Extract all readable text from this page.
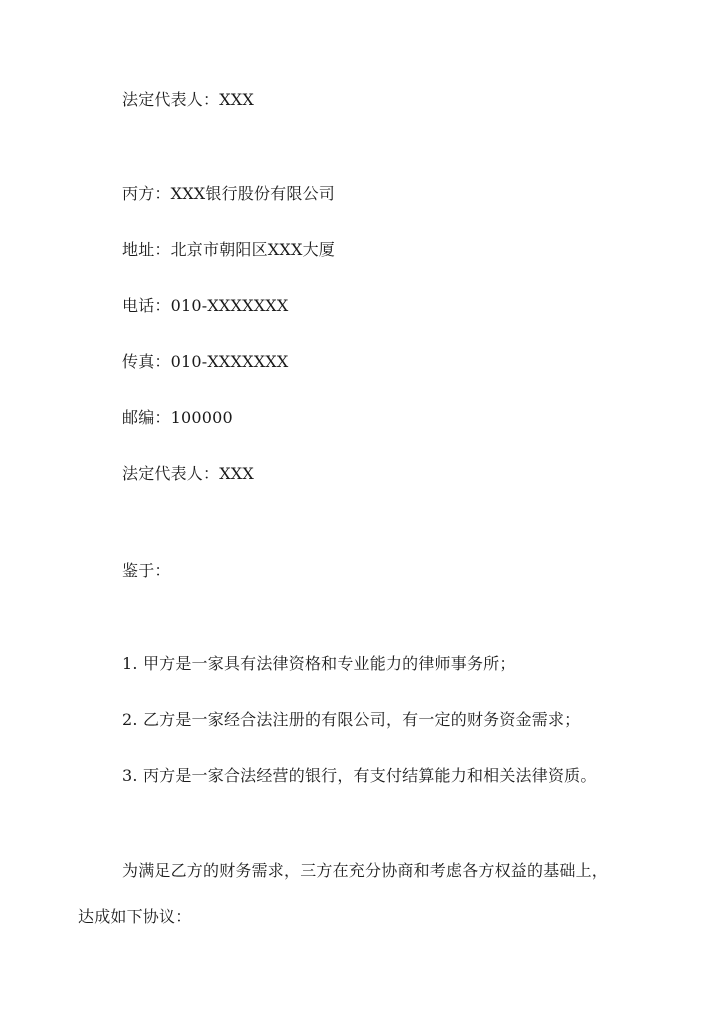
法定代表人：XXX
丙方：XXX银行股份有限公司
地址：北京市朝阳区XXX大厦
电话：010-XXXXXXX
传真：010-XXXXXXX
邮编：100000
法定代表人：XXX
鉴于：
1. 甲方是一家具有法律资格和专业能力的律师事务所；
2. 乙方是一家经合法注册的有限公司，有一定的财务资金需求；
3. 丙方是一家合法经营的银行，有支付结算能力和相关法律资质。
为满足乙方的财务需求，三方在充分协商和考虑各方权益的基础上，
达成如下协议：
